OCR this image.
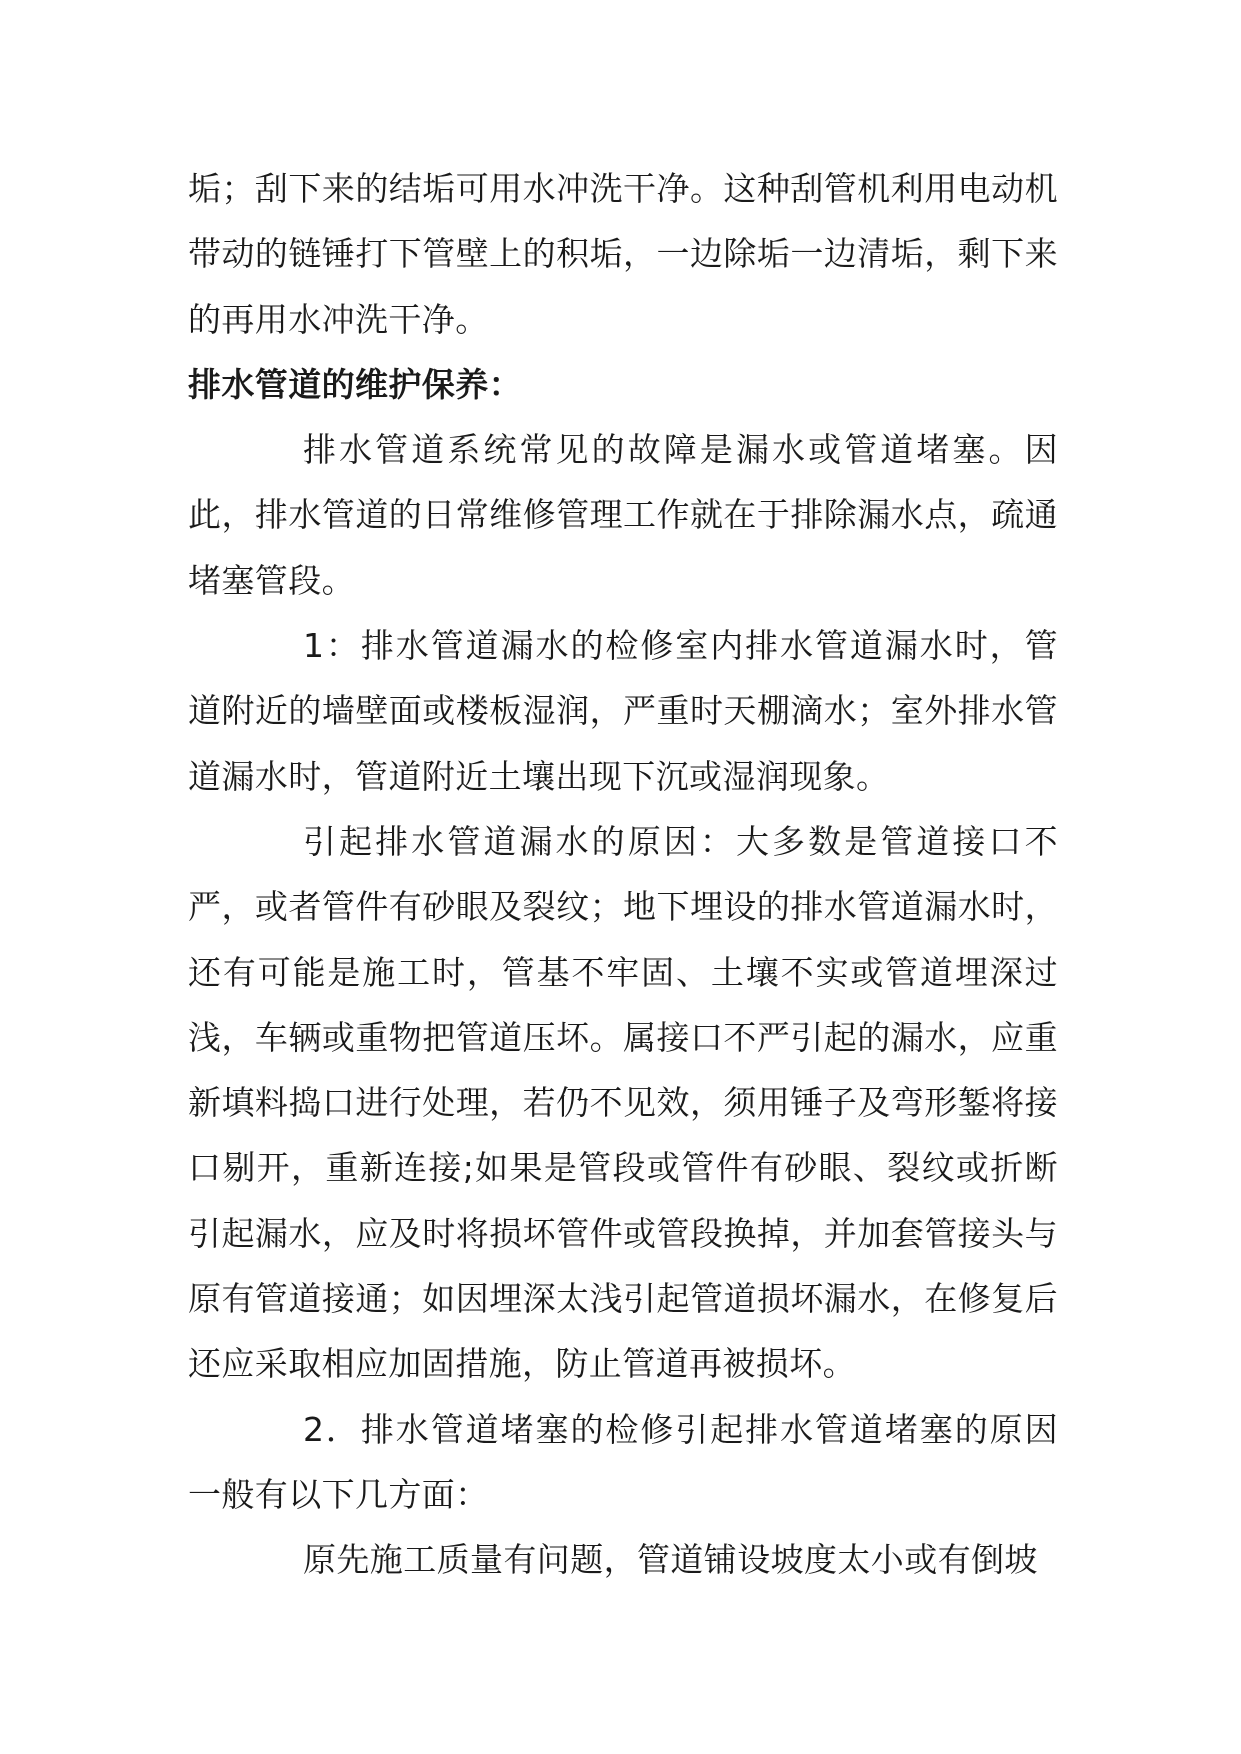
垢；刮下来的结垢可用水冲洗干净。这种刮管机利用电动机带动的链锤打下管壁上的积垢，一边除垢一边清垢，剩下来的再用水冲洗干净。

排水管道的维护保养：

排水管道系统常见的故障是漏水或管道堵塞。因此，排水管道的日常维修管理工作就在于排除漏水点，疏通堵塞管段。

1：排水管道漏水的检修室内排水管道漏水时，管道附近的墙壁面或楼板湿润，严重时天棚滴水；室外排水管道漏水时，管道附近土壤出现下沉或湿润现象。

引起排水管道漏水的原因：大多数是管道接口不严，或者管件有砂眼及裂纹；地下埋设的排水管道漏水时，还有可能是施工时，管基不牢固、土壤不实或管道埋深过浅，车辆或重物把管道压坏。属接口不严引起的漏水，应重新填料捣口进行处理，若仍不见效，须用锤子及弯形錾将接口剔开，重新连接;如果是管段或管件有砂眼、裂纹或折断引起漏水，应及时将损坏管件或管段换掉，并加套管接头与原有管道接通；如因埋深太浅引起管道损坏漏水，在修复后还应采取相应加固措施，防止管道再被损坏。

2．排水管道堵塞的检修引起排水管道堵塞的原因一般有以下几方面：

原先施工质量有问题，管道铺设坡度太小或有倒坡
